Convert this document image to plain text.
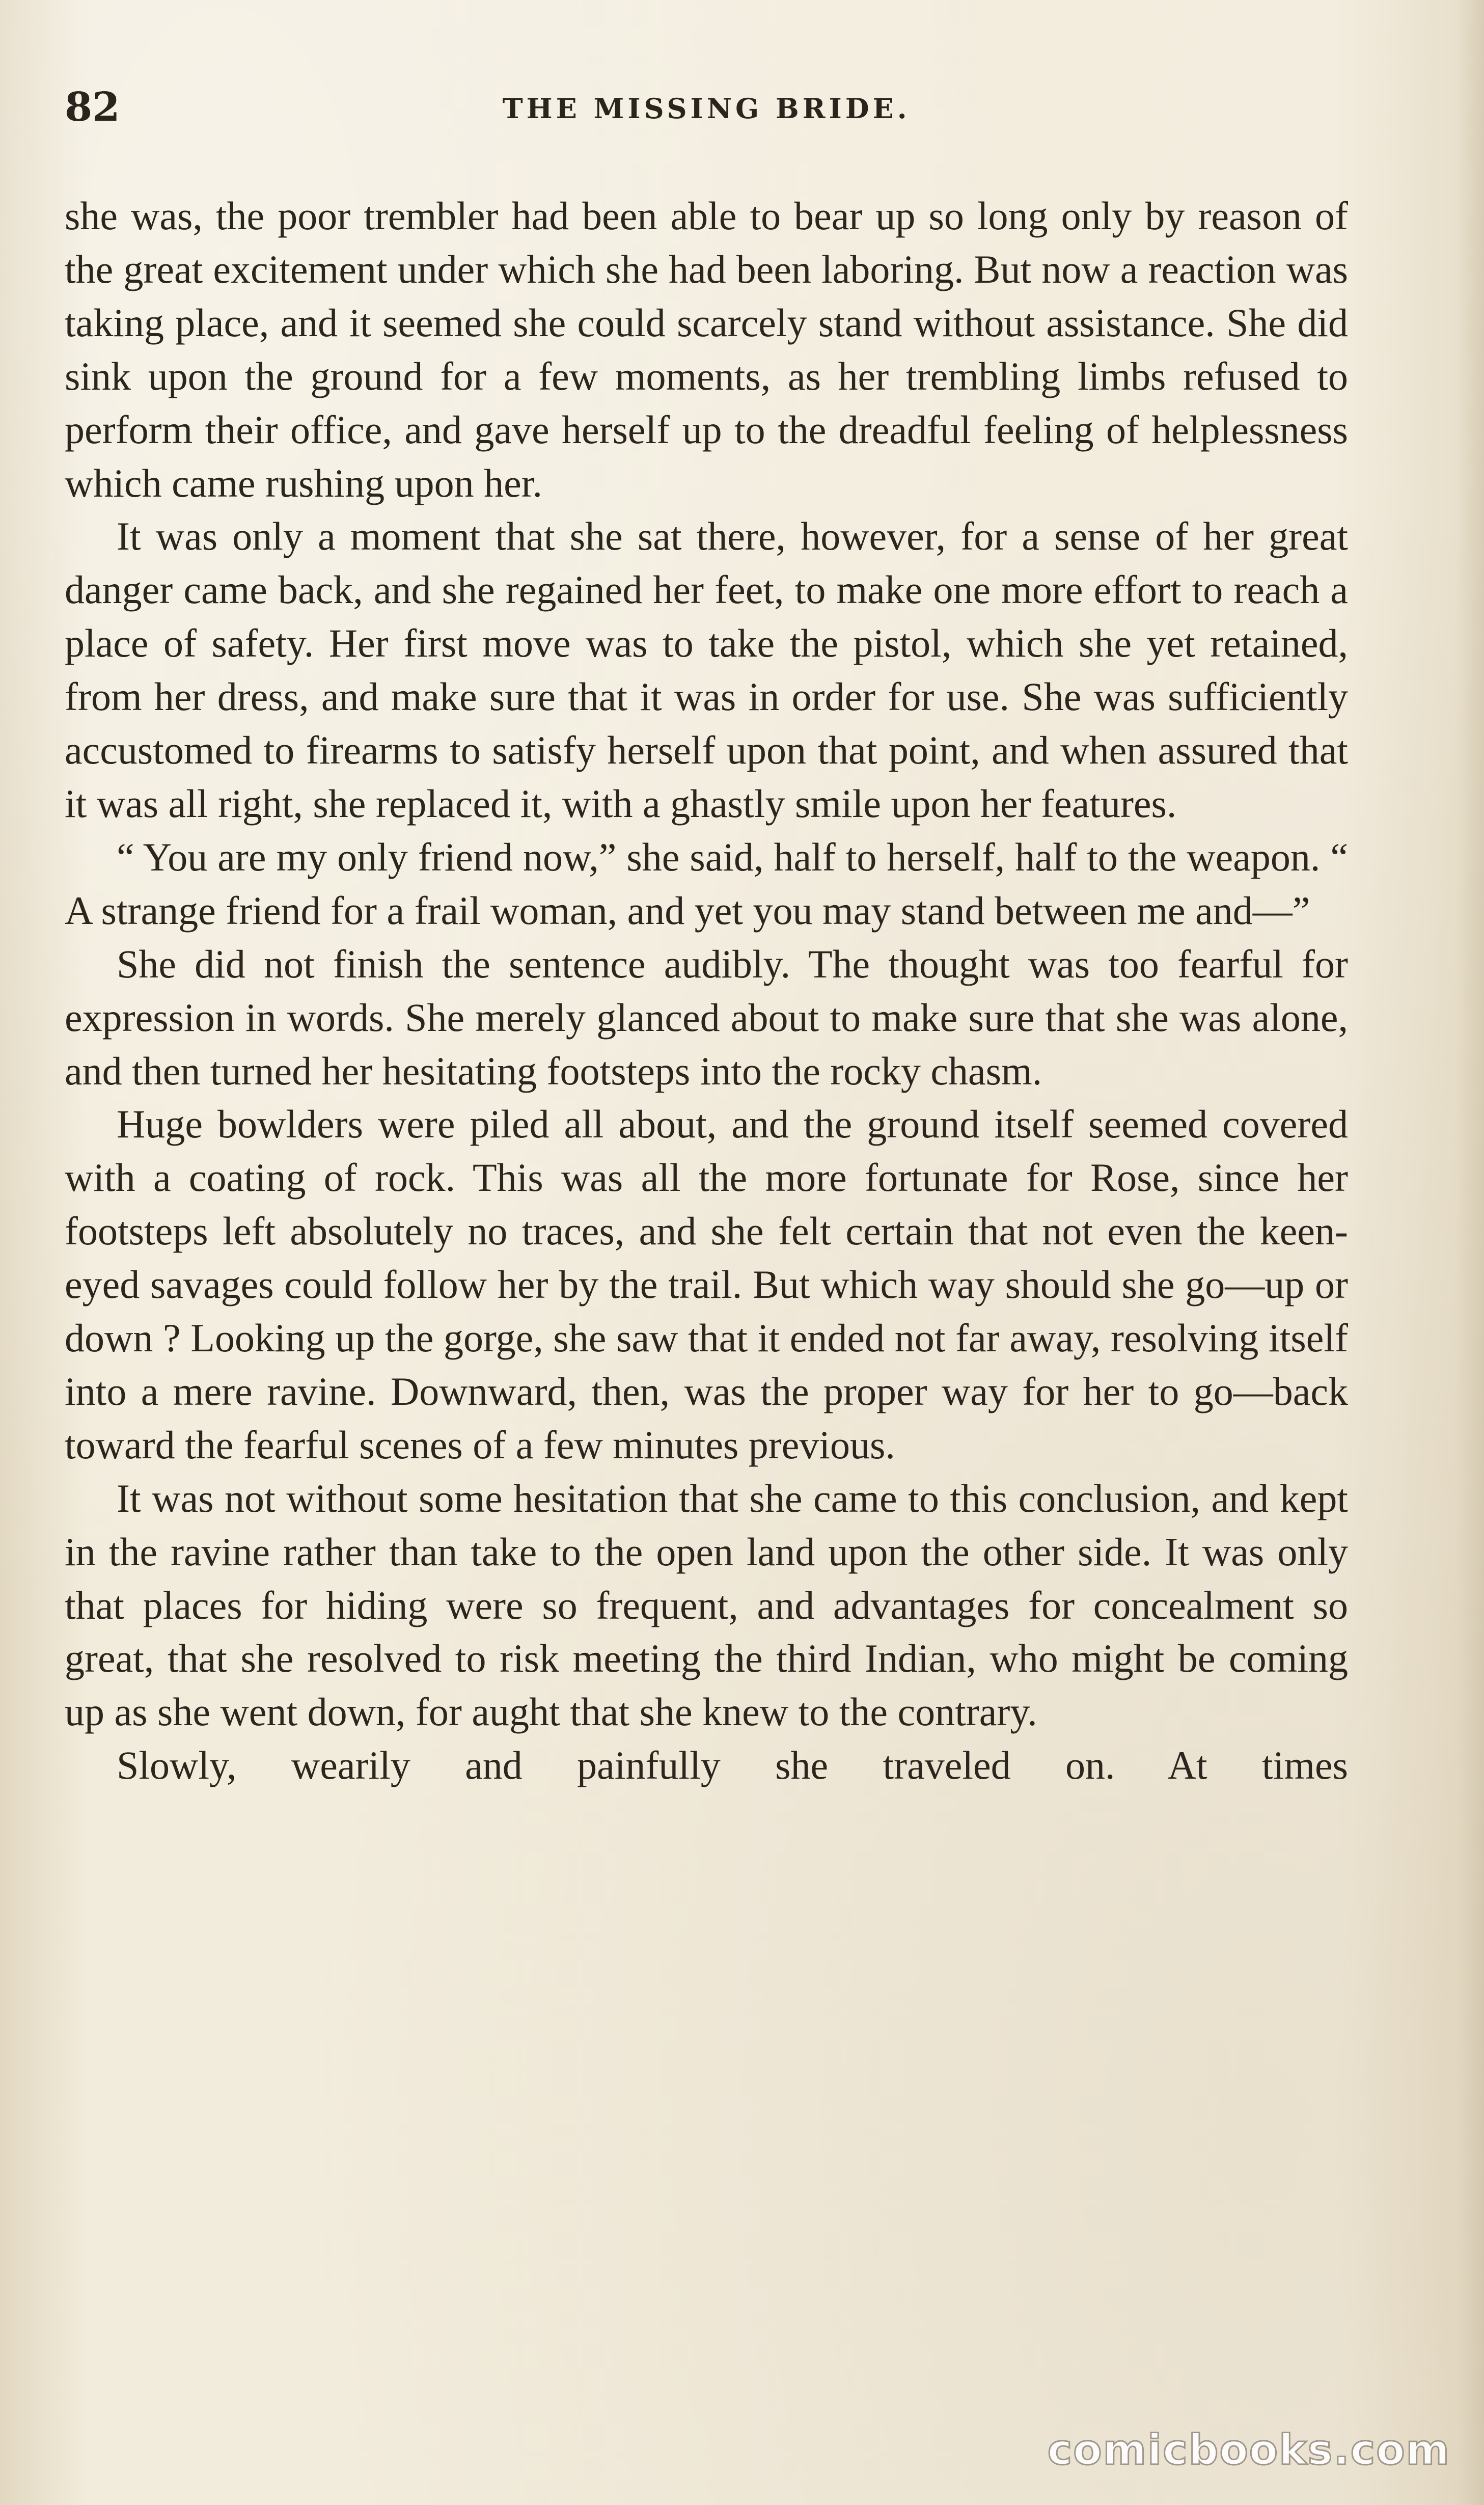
82	THE MISSING BRIDE.

she was, the poor trembler had been able to bear up so long only by reason of the great excitement under which she had been laboring. But now a reaction was taking place, and it seemed she could scarcely stand without assistance. She did sink upon the ground for a few moments, as her trembling limbs refused to perform their office, and gave herself up to the dreadful feeling of helplessness which came rushing upon her.

It was only a moment that she sat there, however, for a sense of her great danger came back, and she regained her feet, to make one more effort to reach a place of safety. Her first move was to take the pistol, which she yet retained, from her dress, and make sure that it was in order for use. She was sufficiently accustomed to firearms to satisfy herself upon that point, and when assured that it was all right, she replaced it, with a ghastly smile upon her features.

“ You are my only friend now,” she said, half to herself, half to the weapon. “ A strange friend for a frail woman, and yet you may stand between me and—”

She did not finish the sentence audibly. The thought was too fearful for expression in words. She merely glanced about to make sure that she was alone, and then turned her hesitating footsteps into the rocky chasm.

Huge bowlders were piled all about, and the ground itself seemed covered with a coating of rock. This was all the more fortunate for Rose, since her footsteps left absolutely no traces, and she felt certain that not even the keen-eyed savages could follow her by the trail. But which way should she go—up or down ? Looking up the gorge, she saw that it ended not far away, resolving itself into a mere ravine. Downward, then, was the proper way for her to go—back toward the fearful scenes of a few minutes previous.

It was not without some hesitation that she came to this conclusion, and kept in the ravine rather than take to the open land upon the other side. It was only that places for hiding were so frequent, and advantages for concealment so great, that she resolved to risk meeting the third Indian, who might be coming up as she went down, for aught that she knew to the contrary.

Slowly, wearily and painfully she traveled on. At times

comicbooks.com
